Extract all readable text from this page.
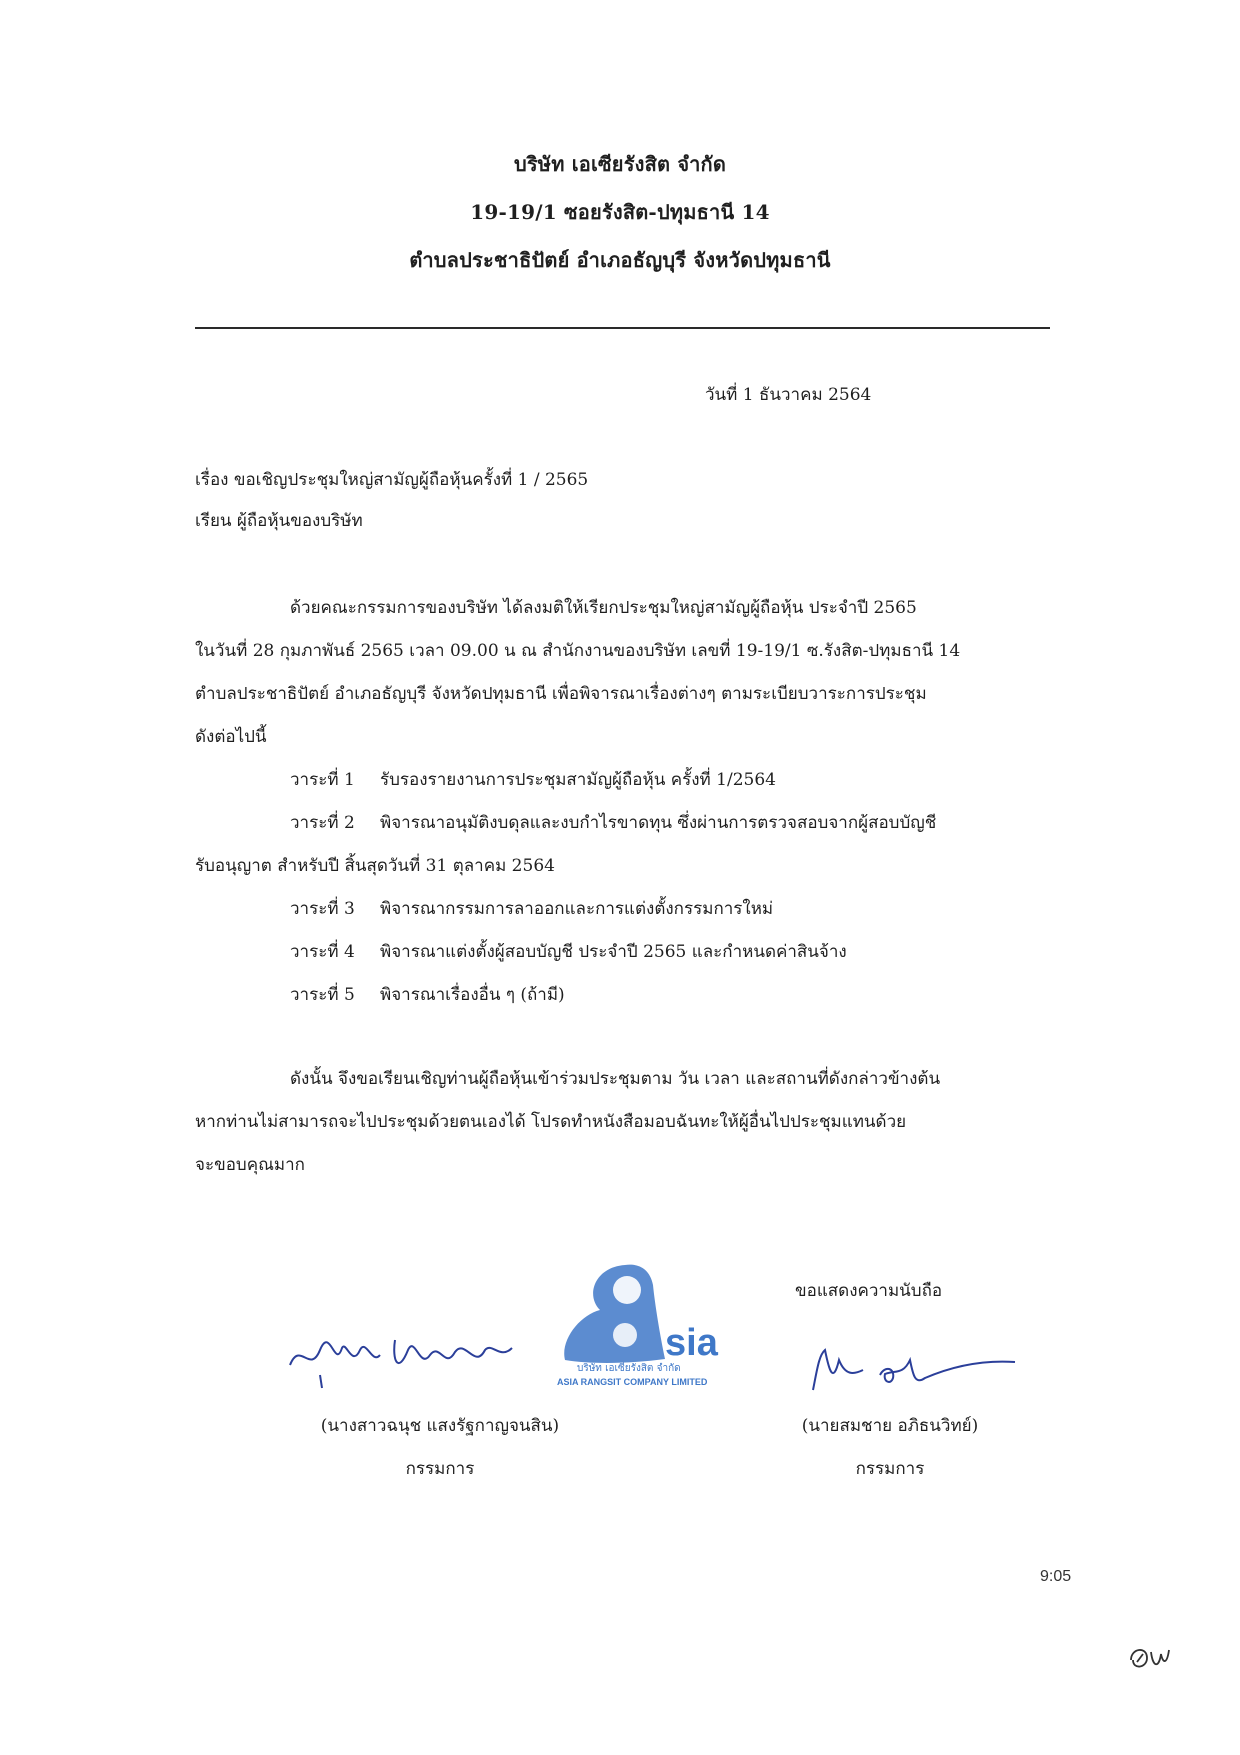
บริษัท เอเซียรังสิต จำกัด
19-19/1 ซอยรังสิต-ปทุมธานี 14
ตำบลประชาธิปัตย์ อำเภอธัญบุรี จังหวัดปทุมธานี
วันที่ 1 ธันวาคม 2564
เรื่อง ขอเชิญประชุมใหญ่สามัญผู้ถือหุ้นครั้งที่ 1 / 2565
เรียน ผู้ถือหุ้นของบริษัท
ด้วยคณะกรรมการของบริษัท ได้ลงมติให้เรียกประชุมใหญ่สามัญผู้ถือหุ้น ประจำปี 2565
ในวันที่ 28 กุมภาพันธ์ 2565 เวลา 09.00 น ณ สำนักงานของบริษัท เลขที่ 19-19/1 ซ.รังสิต-ปทุมธานี 14
ตำบลประชาธิปัตย์ อำเภอธัญบุรี จังหวัดปทุมธานี เพื่อพิจารณาเรื่องต่างๆ ตามระเบียบวาระการประชุม
ดังต่อไปนี้
วาระที่ 1 รับรองรายงานการประชุมสามัญผู้ถือหุ้น ครั้งที่ 1/2564
วาระที่ 2 พิจารณาอนุมัติงบดุลและงบกำไรขาดทุน ซึ่งผ่านการตรวจสอบจากผู้สอบบัญชี
รับอนุญาต สำหรับปี สิ้นสุดวันที่ 31 ตุลาคม 2564
วาระที่ 3 พิจารณากรรมการลาออกและการแต่งตั้งกรรมการใหม่
วาระที่ 4 พิจารณาแต่งตั้งผู้สอบบัญชี ประจำปี 2565 และกำหนดค่าสินจ้าง
วาระที่ 5 พิจารณาเรื่องอื่น ๆ (ถ้ามี)
ดังนั้น จึงขอเรียนเชิญท่านผู้ถือหุ้นเข้าร่วมประชุมตาม วัน เวลา และสถานที่ดังกล่าวข้างต้น
หากท่านไม่สามารถจะไปประชุมด้วยตนเองได้ โปรดทำหนังสือมอบฉันทะให้ผู้อื่นไปประชุมแทนด้วย
จะขอบคุณมาก
ขอแสดงความนับถือ
sia
บริษัท เอเซียรังสิต จำกัด
ASIA RANGSIT COMPANY LIMITED
(นางสาวฉนุช แสงรัฐกาญจนสิน)
กรรมการ
(นายสมชาย อภิธนวิทย์)
กรรมการ
9:05
